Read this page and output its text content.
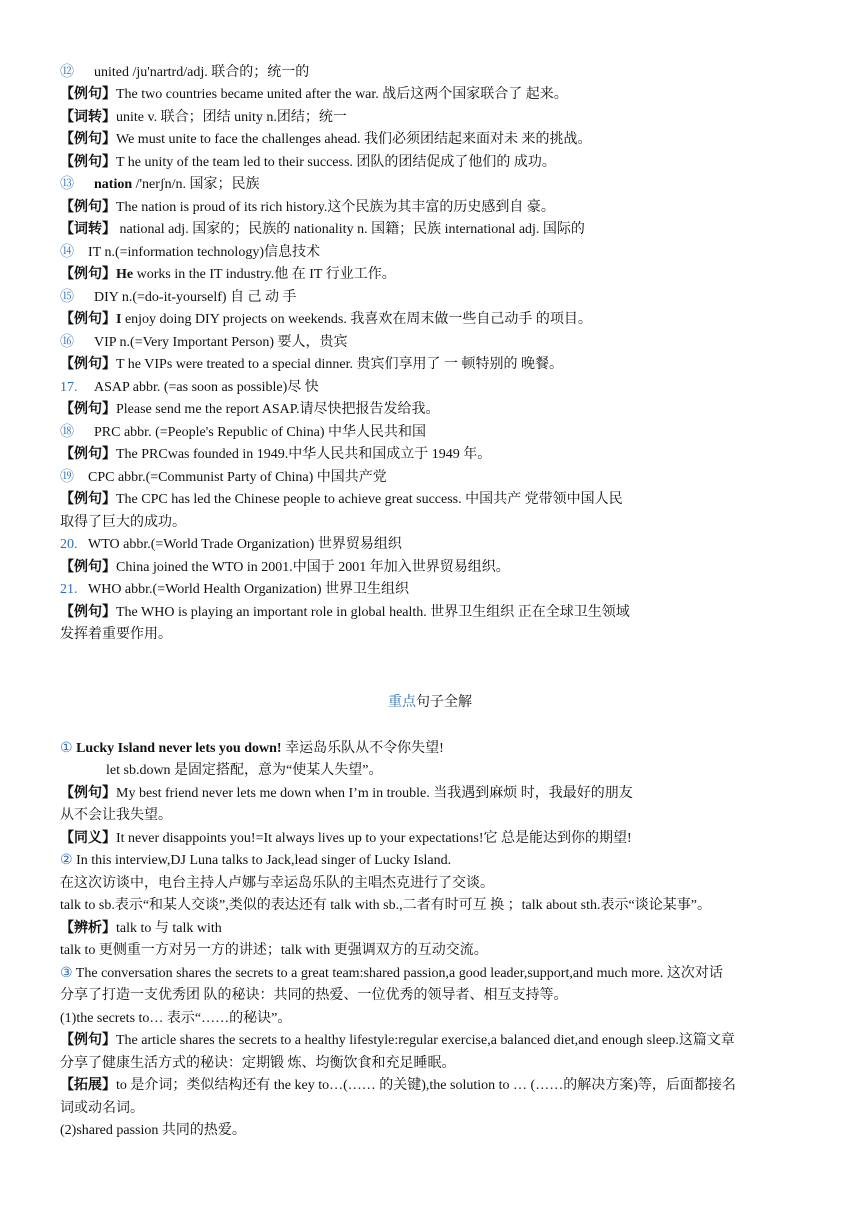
⑫ united /ju'nartrd/adj. 联合的；统一的
【例句】The two countries became united after the war. 战后这两个国家联合了 起来。
【词转】unite v. 联合；团结 unity n.团结；统一
【例句】We must unite to face the challenges ahead. 我们必须团结起来面对未 来的挑战。
【例句】T he unity of the team led to their success. 团队的团结促成了他们的 成功。
⑬ nation /'nerʃn/n. 国家；民族
【例句】The nation is proud of its rich history.这个民族为其丰富的历史感到自 豪。
【词转】 national adj. 国家的；民族的 nationality n. 国籍；民族 international adj. 国际的
⑭ IT n.(=information technology)信息技术
【例句】He works in the IT industry.他 在 IT 行业工作。
⑮ DIY n.(=do-it-yourself) 自 己 动 手
【例句】I enjoy doing DIY projects on weekends. 我喜欢在周末做一些自己动手 的项目。
⑯ VIP n.(=Very Important Person) 要人，贵宾
【例句】T he VIPs were treated to a special dinner. 贵宾们享用了 一 顿特别的 晚餐。
17. ASAP abbr. (=as soon as possible)尽 快
【例句】Please send me the report ASAP.请尽快把报告发给我。
⑱ PRC abbr. (=People's Republic of China) 中华人民共和国
【例句】The PRCwas founded in 1949.中华人民共和国成立于 1949 年。
⑲ CPC abbr.(=Communist Party of China) 中国共产党
【例句】The CPC has led the Chinese people to achieve great success. 中国共产 党带领中国人民
取得了巨大的成功。
20. WTO abbr.(=World Trade Organization) 世界贸易组织
【例句】China joined the WTO in 2001.中国于 2001 年加入世界贸易组织。
21. WHO abbr.(=World Health Organization) 世界卫生组织
【例句】The WHO is playing an important role in global health. 世界卫生组织 正在全球卫生领域
发挥着重要作用。
重点句子全解
① Lucky Island never lets you down! 幸运岛乐队从不令你失望!
let sb.down 是固定搭配，意为“使某人失望”。
【例句】My best friend never lets me down when I’m in trouble. 当我遇到麻烦 时，我最好的朋友
从不会让我失望。
【同义】It never disappoints you!=It always lives up to your expectations!它 总是能达到你的期望!
② In this interview,DJ Luna talks to Jack,lead singer of Lucky Island.
在这次访谈中，电台主持人卢娜与幸运岛乐队的主唱杰克进行了交谈。
talk to sb.表示“和某人交谈”,类似的表达还有 talk with sb.,二者有时可互 换 ；talk about sth.表示“谈论某事”。
【辨析】talk to 与 talk with
talk to 更侧重一方对另一方的讲述；talk with 更强调双方的互动交流。
③ The conversation shares the secrets to a great team:shared passion,a good leader,support,and much more. 这次对话
分享了打造一支优秀团 队的秘诀：共同的热爱、一位优秀的领导者、相互支持等。
(1)the secrets to… 表示“……的秘诀”。
【例句】The article shares the secrets to a healthy lifestyle:regular exercise,a balanced diet,and enough sleep.这篇文章
分享了健康生活方式的秘诀：定期锻 炼、均衡饮食和充足睡眠。
【拓展】to 是介词；类似结构还有 the key to…(…… 的关键),the solution to … (……的解决方案)等，后面都接名
词或动名词。
(2)shared passion 共同的热爱。
